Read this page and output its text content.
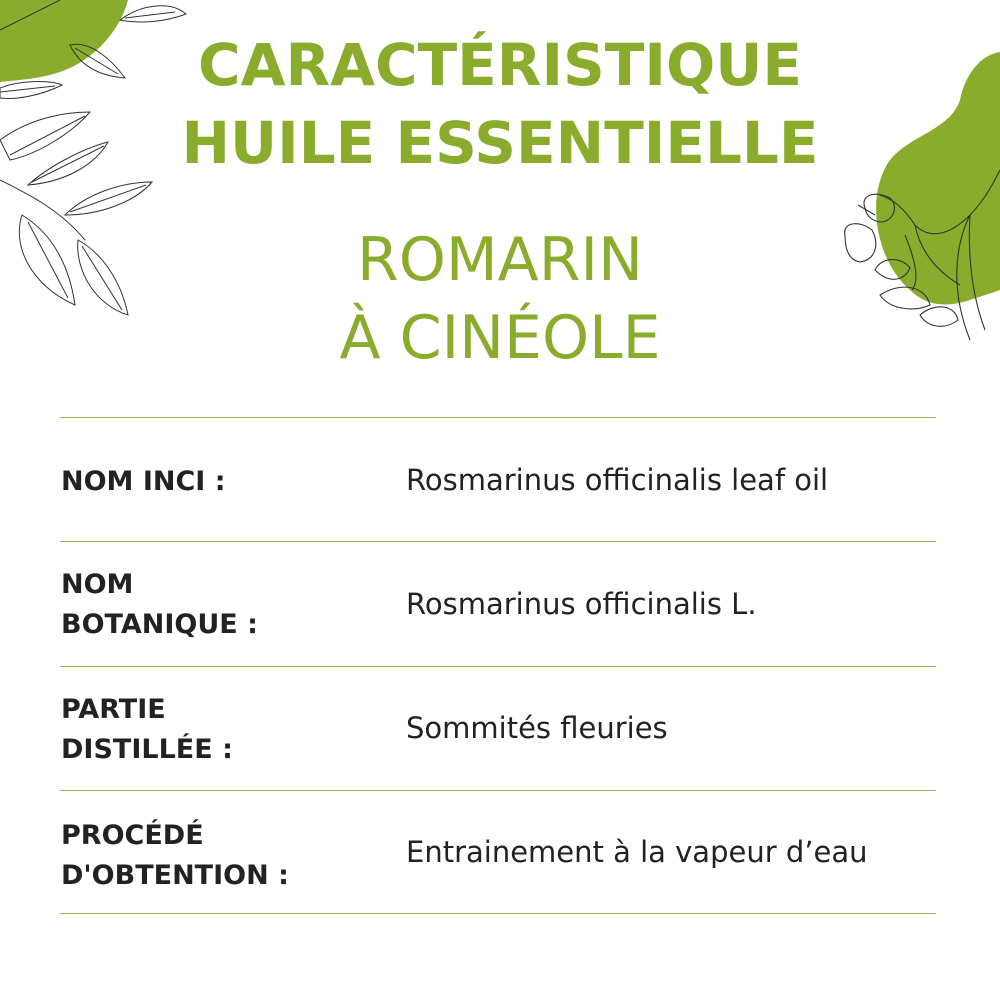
CARACTÉRISTIQUE
HUILE ESSENTIELLE
ROMARIN
À CINÉOLE
NOM INCI :	Rosmarinus officinalis leaf oil
NOM
BOTANIQUE :
Rosmarinus officinalis L.
PARTIE
DISTILLÉE :
Sommités fleuries
PROCÉDÉ
D'OBTENTION :
Entrainement à la vapeur d’eau
